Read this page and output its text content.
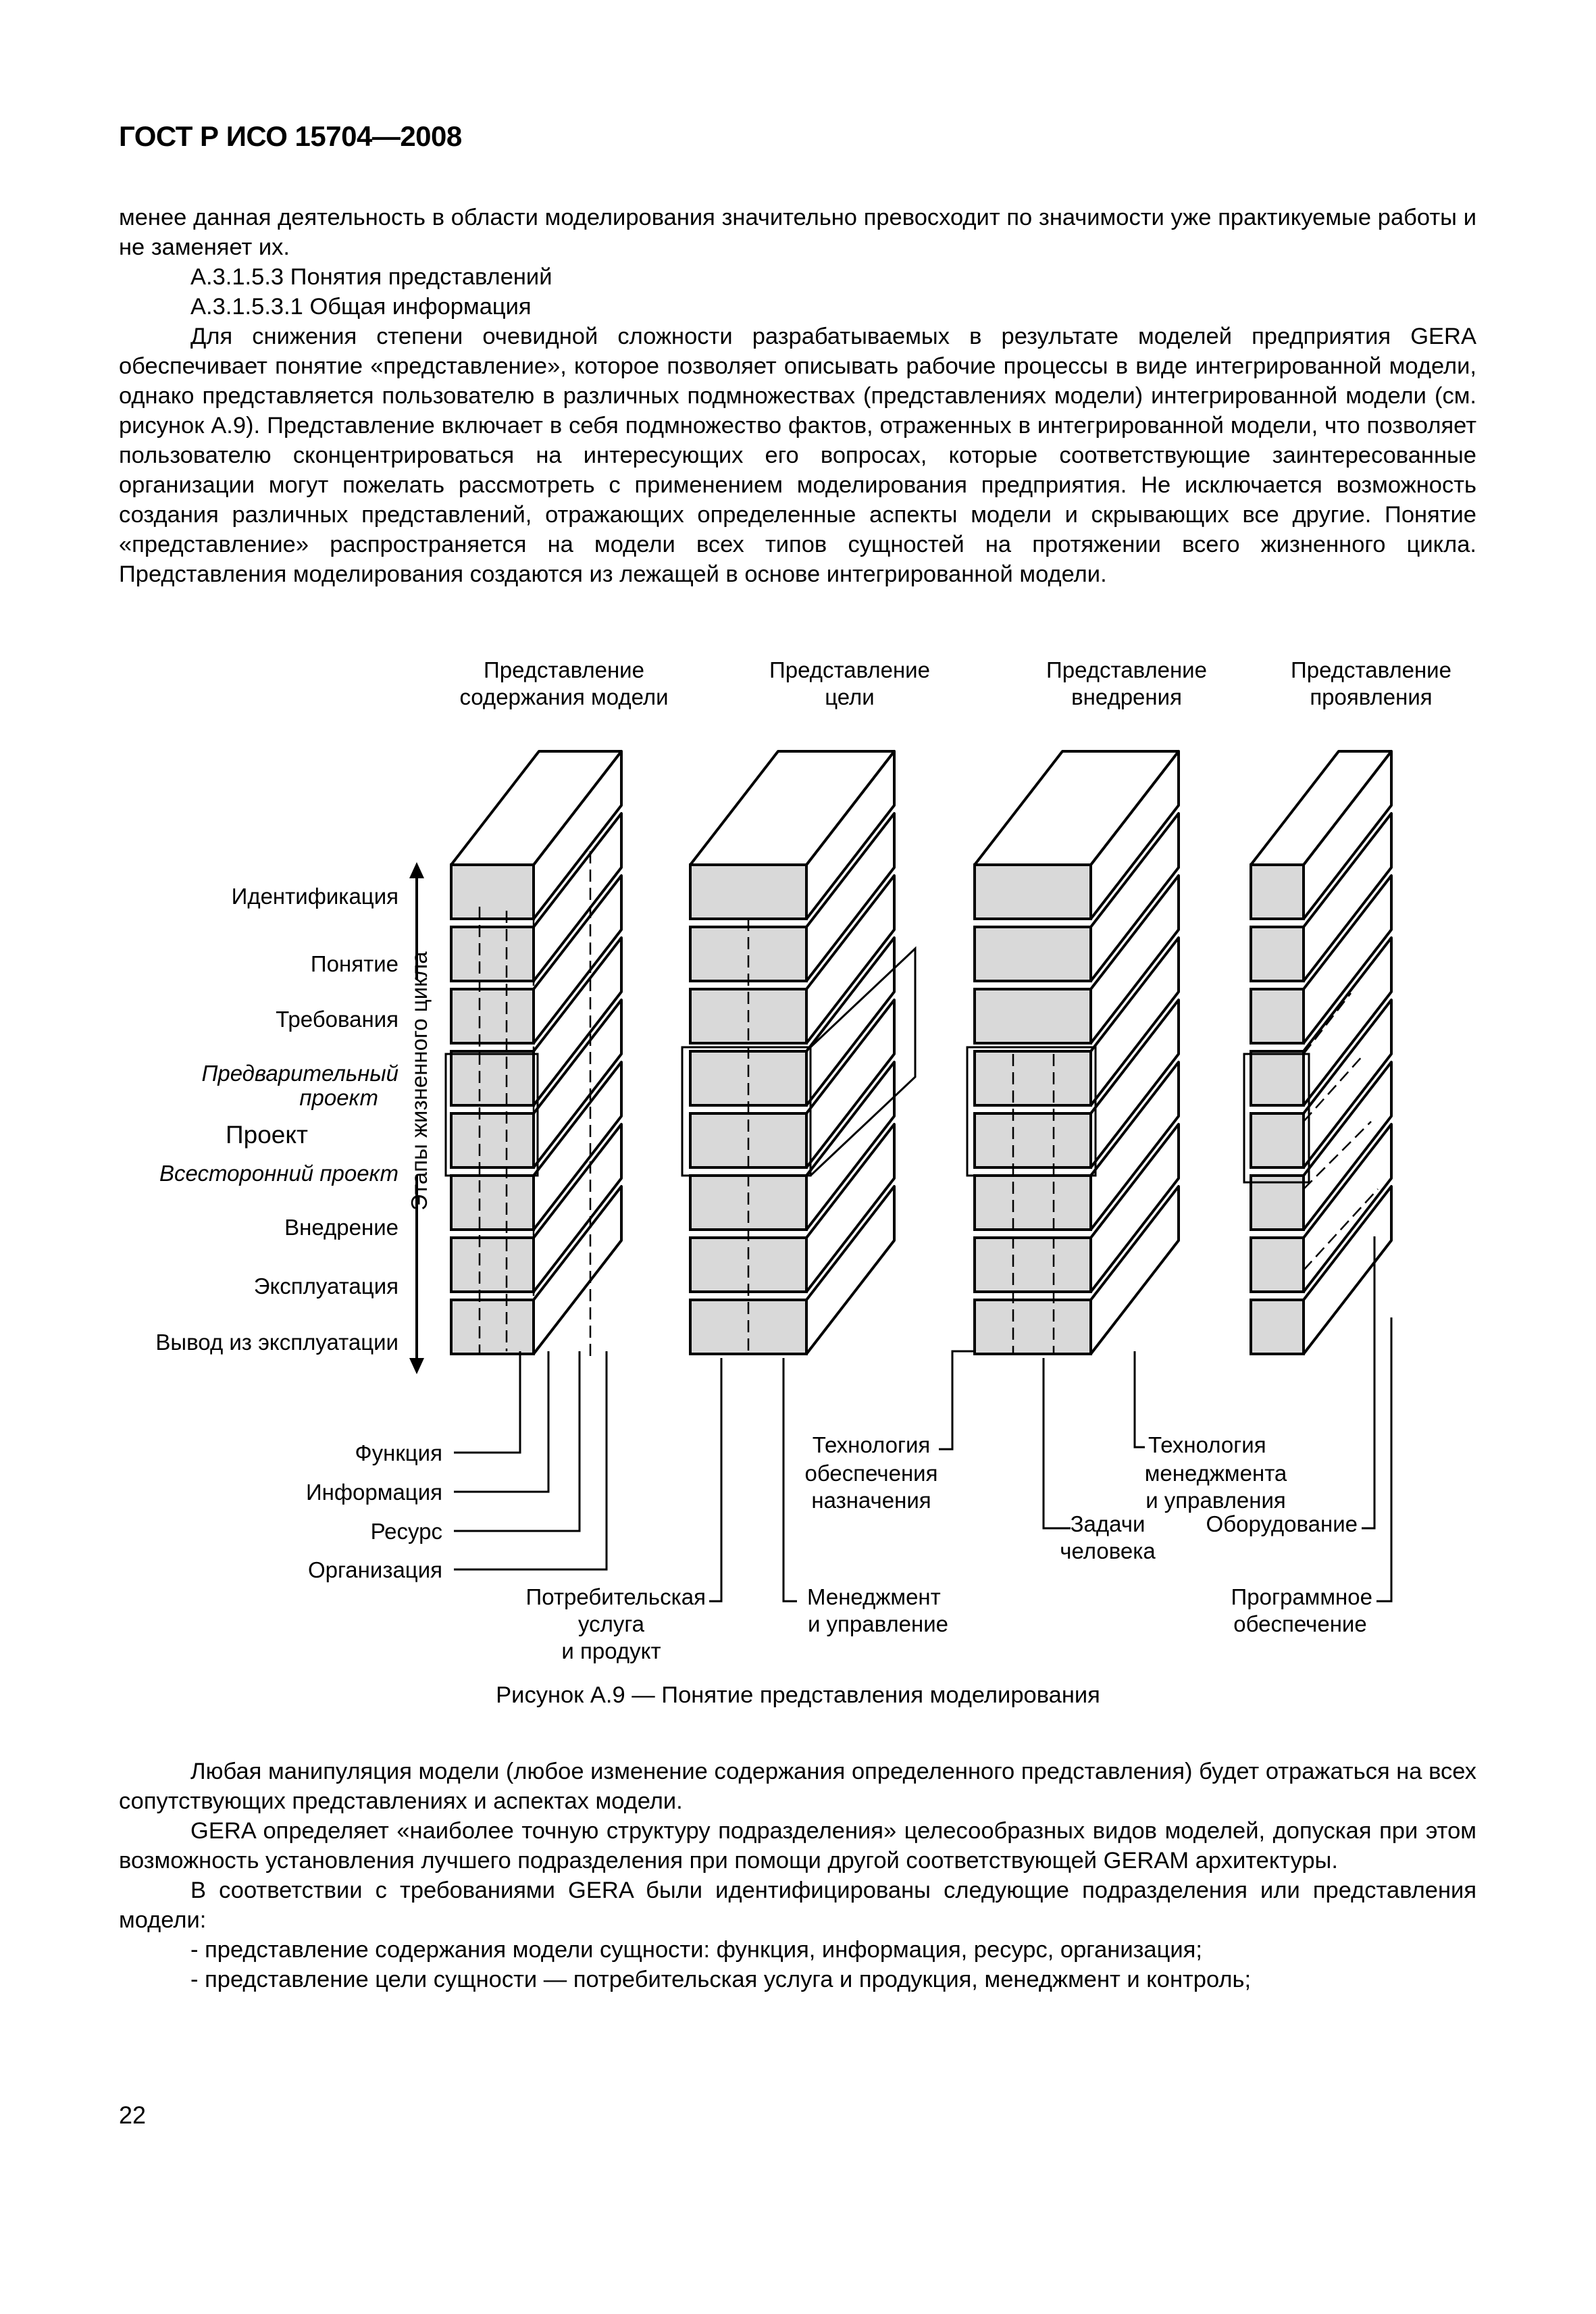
ГОСТ Р ИСО 15704—2008

менее данная деятельность в области моделирования значительно превосходит по значимости уже практикуемые работы и не заменяет их.

А.3.1.5.3 Понятия представлений

А.3.1.5.3.1 Общая информация

Для снижения степени очевидной сложности разрабатываемых в результате моделей предприятия GERA обеспечивает понятие «представление», которое позволяет описывать рабочие процессы в виде интегрированной модели, однако представляется пользователю в различных подмножествах (представлениях модели) интегрированной модели (см. рисунок А.9). Представление включает в себя подмножество фактов, отраженных в интегрированной модели, что позволяет пользователю сконцентрироваться на интересующих его вопросах, которые соответствующие заинтересованные организации могут пожелать рассмотреть с применением моделирования предприятия. Не исключается возможность создания различных представлений, отражающих определенные аспекты модели и скрывающих все другие. Понятие «представление» распространяется на модели всех типов сущностей на протяжении всего жизненного цикла. Представления моделирования создаются из лежащей в основе интегрированной модели.

Представление
содержания модели
Представление
цели
Представление
внедрения
Представление
проявления
Идентификация
Понятие
Требования
Предварительный
проект
Проект
Всесторонний проект
Внедрение
Эксплуатация
Вывод из эксплуатации
Этапы жизненного цикла
Функция
Информация
Ресурс
Организация
Потребительская
услуга
и продукт
Менеджмент
и управление
Технология
обеспечения
назначения
Технология
менеджмента
и управления
Задачи
человека
Оборудование
Программное
обеспечение
Рисунок А.9 — Понятие представления моделирования

Любая манипуляция модели (любое изменение содержания определенного представления) будет отражаться на всех сопутствующих представлениях и аспектах модели.

GERA определяет «наиболее точную структуру подразделения» целесообразных видов моделей, допуская при этом возможность установления лучшего подразделения при помощи другой соответствующей GERAM архитектуры.

В соответствии с требованиями GERA были идентифицированы следующие подразделения или представления модели:

- представление содержания модели сущности: функция, информация, ресурс, организация;

- представление цели сущности — потребительская услуга и продукция, менеджмент и контроль;

22
